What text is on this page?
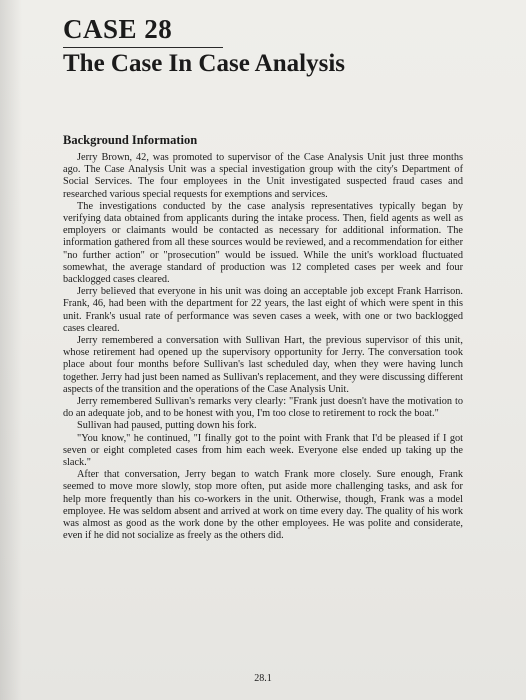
CASE 28
The Case In Case Analysis
Background Information

Jerry Brown, 42, was promoted to supervisor of the Case Analysis Unit just three months ago. The Case Analysis Unit was a special investigation group with the city's Department of Social Services. The four employees in the Unit investigated suspected fraud cases and researched various special requests for exemptions and services.

The investigations conducted by the case analysis representatives typically began by verifying data obtained from applicants during the intake process. Then, field agents as well as employers or claimants would be contacted as necessary for additional information. The information gathered from all these sources would be reviewed, and a recommendation for either "no further action" or "prosecution" would be issued. While the unit's workload fluctuated somewhat, the average standard of production was 12 completed cases per week and four backlogged cases cleared.

Jerry believed that everyone in his unit was doing an acceptable job except Frank Harrison. Frank, 46, had been with the department for 22 years, the last eight of which were spent in this unit. Frank's usual rate of performance was seven cases a week, with one or two backlogged cases cleared.

Jerry remembered a conversation with Sullivan Hart, the previous supervisor of this unit, whose retirement had opened up the supervisory opportunity for Jerry. The conversation took place about four months before Sullivan's last scheduled day, when they were having lunch together. Jerry had just been named as Sullivan's replacement, and they were discussing different aspects of the transition and the operations of the Case Analysis Unit.

Jerry remembered Sullivan's remarks very clearly: "Frank just doesn't have the motivation to do an adequate job, and to be honest with you, I'm too close to retirement to rock the boat."

Sullivan had paused, putting down his fork.

"You know," he continued, "I finally got to the point with Frank that I'd be pleased if I got seven or eight completed cases from him each week. Everyone else ended up taking up the slack."

After that conversation, Jerry began to watch Frank more closely. Sure enough, Frank seemed to move more slowly, stop more often, put aside more challenging tasks, and ask for help more frequently than his co-workers in the unit. Otherwise, though, Frank was a model employee. He was seldom absent and arrived at work on time every day. The quality of his work was almost as good as the work done by the other employees. He was polite and considerate, even if he did not socialize as freely as the others did.

28.1
